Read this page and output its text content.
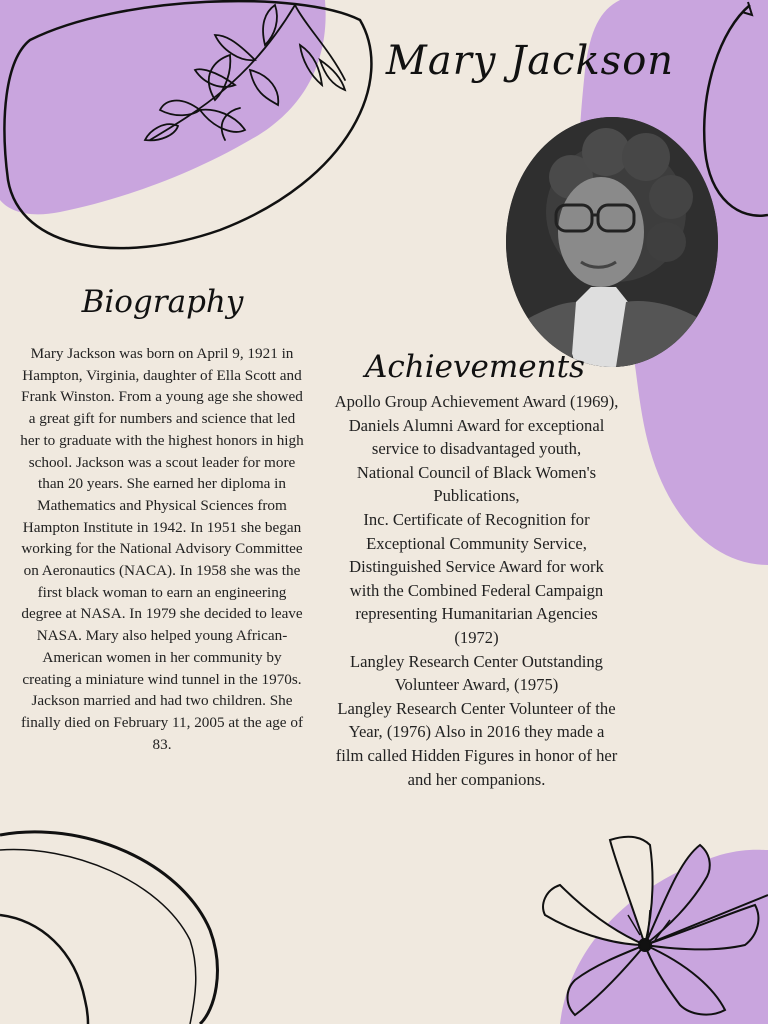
Mary Jackson
Biography
Mary Jackson was born on April 9, 1921 in Hampton, Virginia, daughter of Ella Scott and Frank Winston. From a young age she showed a great gift for numbers and science that led her to graduate with the highest honors in high school. Jackson was a scout leader for more than 20 years. She earned her diploma in Mathematics and Physical Sciences from Hampton Institute in 1942. In 1951 she began working for the National Advisory Committee on Aeronautics (NACA). In 1958 she was the first black woman to earn an engineering degree at NASA. In 1979 she decided to leave NASA. Mary also helped young African-American women in her community by creating a miniature wind tunnel in the 1970s. Jackson married and had two children. She finally died on February 11, 2005 at the age of 83.
Achievements
Apollo Group Achievement Award (1969), Daniels Alumni Award for exceptional service to disadvantaged youth,
National Council of Black Women's Publications,
Inc. Certificate of Recognition for Exceptional Community Service,
Distinguished Service Award for work with the Combined Federal Campaign representing Humanitarian Agencies (1972)
Langley Research Center Outstanding Volunteer Award, (1975)
Langley Research Center Volunteer of the Year, (1976) Also in 2016 they made a film called Hidden Figures in honor of her and her companions.
